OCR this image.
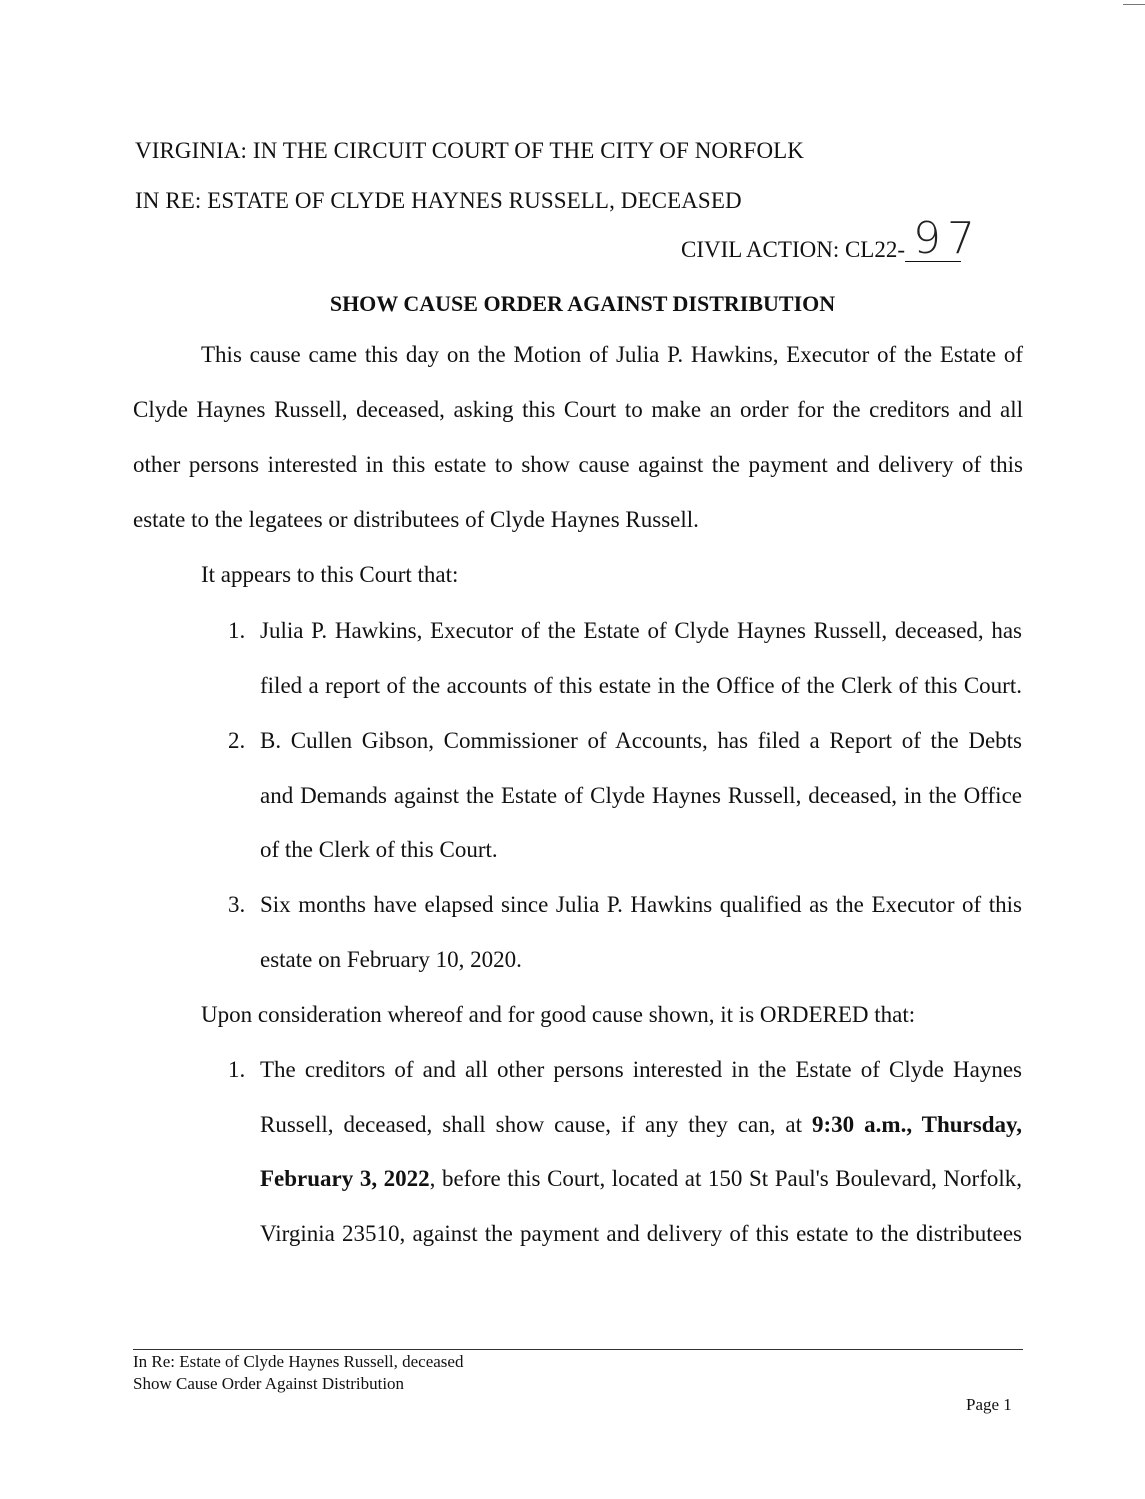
VIRGINIA: IN THE CIRCUIT COURT OF THE CITY OF NORFOLK
IN RE: ESTATE OF CLYDE HAYNES RUSSELL, DECEASED
CIVIL ACTION: CL22- 97
SHOW CAUSE ORDER AGAINST DISTRIBUTION
This cause came this day on the Motion of Julia P. Hawkins, Executor of the Estate of
Clyde Haynes Russell, deceased, asking this Court to make an order for the creditors and all
other persons interested in this estate to show cause against the payment and delivery of this
estate to the legatees or distributees of Clyde Haynes Russell.
It appears to this Court that:
1. Julia P. Hawkins, Executor of the Estate of Clyde Haynes Russell, deceased, has
filed a report of the accounts of this estate in the Office of the Clerk of this Court.
2. B. Cullen Gibson, Commissioner of Accounts, has filed a Report of the Debts
and Demands against the Estate of Clyde Haynes Russell, deceased, in the Office
of the Clerk of this Court.
3. Six months have elapsed since Julia P. Hawkins qualified as the Executor of this
estate on February 10, 2020.
Upon consideration whereof and for good cause shown, it is ORDERED that:
1. The creditors of and all other persons interested in the Estate of Clyde Haynes
Russell, deceased, shall show cause, if any they can, at 9:30 a.m., Thursday,
February 3, 2022, before this Court, located at 150 St Paul's Boulevard, Norfolk,
Virginia 23510, against the payment and delivery of this estate to the distributees
In Re: Estate of Clyde Haynes Russell, deceased
Show Cause Order Against Distribution
Page 1
